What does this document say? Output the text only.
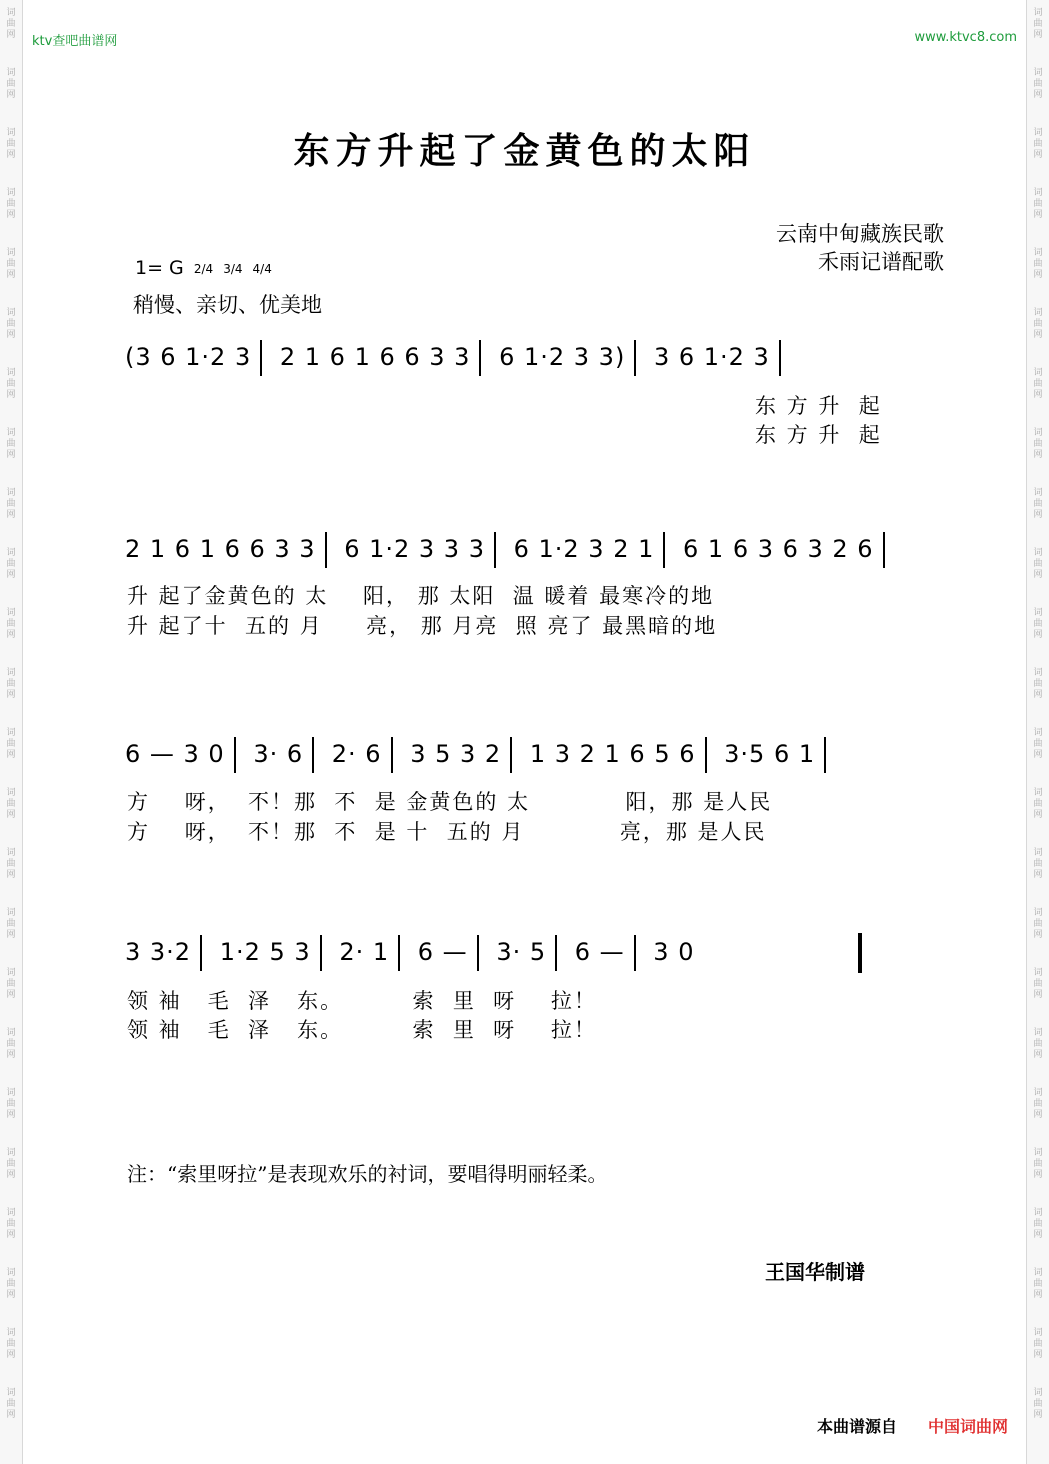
词
曲
网
词
曲
网
词
曲
网
词
曲
网
词
曲
网
词
曲
网
词
曲
网
词
曲
网
词
曲
网
词
曲
网
词
曲
网
词
曲
网
词
曲
网
词
曲
网
词
曲
网
词
曲
网
词
曲
网
词
曲
网
词
曲
网
词
曲
网
词
曲
网
词
曲
网
词
曲
网
词
曲
网
词
曲
网
词
曲
网
词
曲
网
词
曲
网
词
曲
网
词
曲
网
词
曲
网
词
曲
网
词
曲
网
词
曲
网
词
曲
网
词
曲
网
词
曲
网
词
曲
网
词
曲
网
词
曲
网
词
曲
网
词
曲
网
词
曲
网
词
曲
网
词
曲
网
词
曲
网
词
曲
网
词
曲
网
ktv查吧曲谱网	www.ktvc8.com
东方升起了金黄色的太阳
云南中甸藏族民歌
禾雨记谱配歌
1= G 2/4 3/4 4/4
稍慢、亲切、优美地
(3 6 1·2 3 2 1 6 1 6 6 3 3 6 1·2 3 3) 3 6 1·2 3
东 方 升  起
东 方 升  起
2 1 6 1 6 6 3 3 6 1·2 3 3 3 6 1·2 3 2 1 6 1 6 3 6 3 2 6
升 起了金黄色的 太    阳， 那 太阳  温 暖着 最寒冷的地
升 起了十  五的 月     亮， 那 月亮  照 亮了 最黑暗的地
6 — 3 0 3· 6 2· 6 3 5 3 2 1 3 2 1 6 5 6 3·5 6 1
方    呀，  不！那  不  是 金黄色的 太           阳，那 是人民
方    呀，  不！那  不  是 十  五的 月           亮，那 是人民
3 3·2 1·2 5 3 2· 1 6 — 3· 5 6 — 3 0
领 袖   毛  泽   东。        索  里  呀    拉！
领 袖   毛  泽   东。        索  里  呀    拉！
注：“索里呀拉”是表现欢乐的衬词，要唱得明丽轻柔。
王国华制谱
本曲谱源自 中国词曲网
